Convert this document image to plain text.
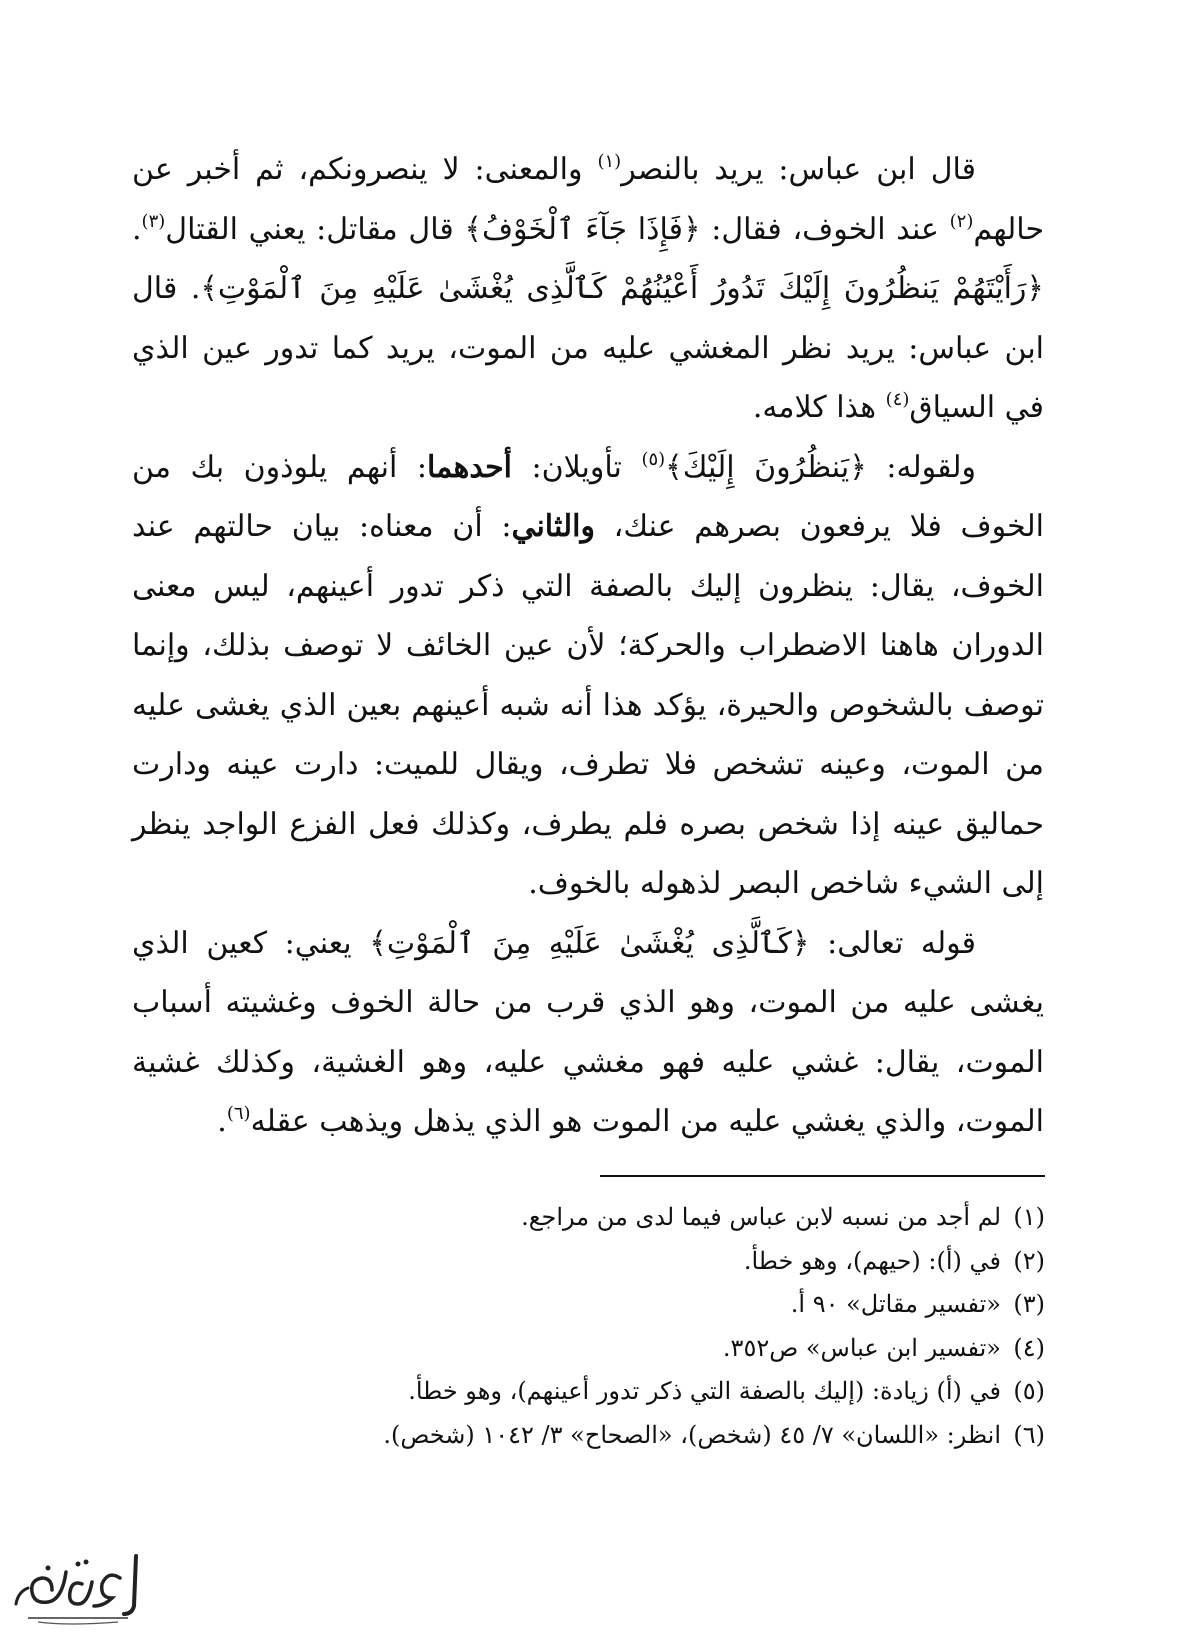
قال ابن عباس: يريد بالنصر$^{(١)}$ والمعنى: لا ينصرونكم، ثم أخبر عن حالهم$^{(٢)}$ عند الخوف، فقال: ﴿فَإِذَا جَآءَ ٱلْخَوْفُ﴾ قال مقاتل: يعني القتال$^{(٣)}$. ﴿رَأَيْتَهُمْ يَنظُرُونَ إِلَيْكَ تَدُورُ أَعْيُنُهُمْ كَٱلَّذِى يُغْشَىٰ عَلَيْهِ مِنَ ٱلْمَوْتِ﴾. قال ابن عباس: يريد نظر المغشي عليه من الموت، يريد كما تدور عين الذي في السياق$^{(٤)}$ هذا كلامه.

ولقوله: ﴿يَنظُرُونَ إِلَيْكَ﴾$^{(٥)}$ تأويلان: أحدهما: أنهم يلوذون بك من الخوف فلا يرفعون بصرهم عنك، والثاني: أن معناه: بيان حالتهم عند الخوف، يقال: ينظرون إليك بالصفة التي ذكر تدور أعينهم، ليس معنى الدوران هاهنا الاضطراب والحركة؛ لأن عين الخائف لا توصف بذلك، وإنما توصف بالشخوص والحيرة، يؤكد هذا أنه شبه أعينهم بعين الذي يغشى عليه من الموت، وعينه تشخص فلا تطرف، ويقال للميت: دارت عينه ودارت حماليق عينه إذا شخص بصره فلم يطرف، وكذلك فعل الفزع الواجد ينظر إلى الشيء شاخص البصر لذهوله بالخوف.

قوله تعالى: ﴿كَٱلَّذِى يُغْشَىٰ عَلَيْهِ مِنَ ٱلْمَوْتِ﴾ يعني: كعين الذي يغشى عليه من الموت، وهو الذي قرب من حالة الخوف وغشيته أسباب الموت، يقال: غشي عليه فهو مغشي عليه، وهو الغشية، وكذلك غشية الموت، والذي يغشي عليه من الموت هو الذي يذهل ويذهب عقله$^{(٦)}$.

(١)لم أجد من نسبه لابن عباس فيما لدى من مراجع.
(٢)في (أ): (حيهم)، وهو خطأ.
(٣)«تفسير مقاتل» ٩٠ أ.
(٤)«تفسير ابن عباس» ص٣٥٢.
(٥)في (أ) زيادة: (إليك بالصفة التي ذكر تدور أعينهم)، وهو خطأ.
(٦)انظر: «اللسان» ٧/ ٤٥ (شخص)، «الصحاح» ٣/ ١٠٤٢ (شخص).
